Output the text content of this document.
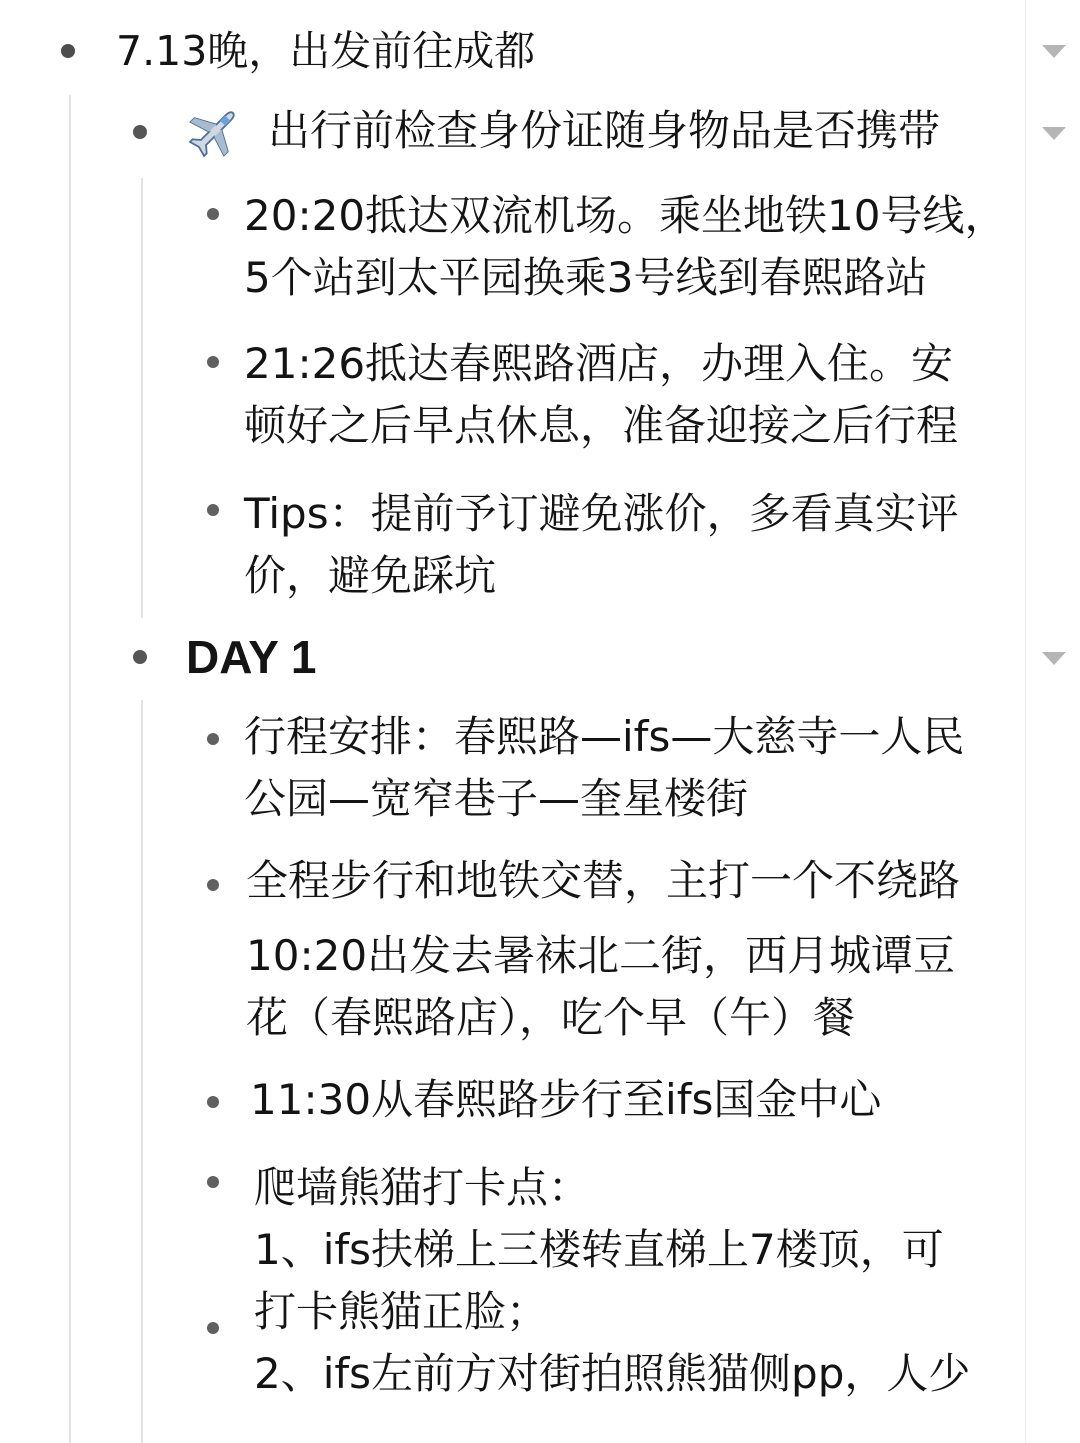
7.13晚，出发前往成都
出行前检查身份证随身物品是否携带
20:20抵达双流机场。乘坐地铁10号线，
5个站到太平园换乘3号线到春熙路站
21:26抵达春熙路酒店，办理入住。安
顿好之后早点休息，准备迎接之后行程
Tips：提前予订避免涨价，多看真实评
价，避免踩坑
DAY 1
行程安排：春熙路—ifs—大慈寺一人民
公园—宽窄巷子—奎星楼街
全程步行和地铁交替，主打一个不绕路
10:20出发去暑袜北二街，西月城谭豆
花（春熙路店），吃个早（午）餐
11:30从春熙路步行至ifs国金中心
爬墙熊猫打卡点：
1、ifs扶梯上三楼转直梯上7楼顶，可
打卡熊猫正脸；
2、ifs左前方对街拍照熊猫侧pp，人少
